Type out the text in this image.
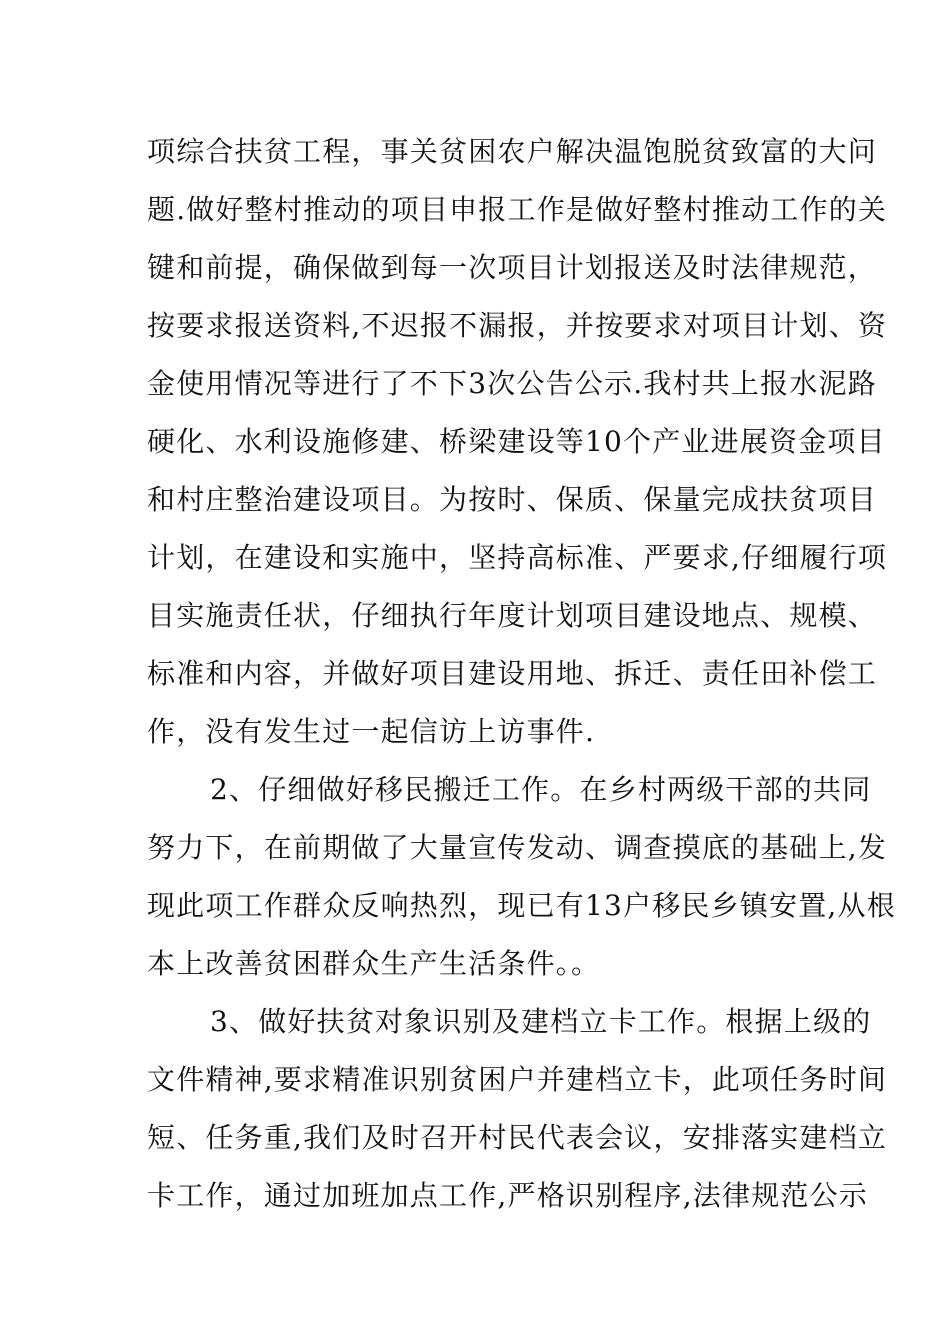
项综合扶贫工程，事关贫困农户解决温饱脱贫致富的大问
题.做好整村推动的项目申报工作是做好整村推动工作的关
键和前提，确保做到每一次项目计划报送及时法律规范，
按要求报送资料,不迟报不漏报，并按要求对项目计划、资
金使用情况等进行了不下3次公告公示.我村共上报水泥路
硬化、水利设施修建、桥梁建设等10个产业进展资金项目
和村庄整治建设项目。为按时、保质、保量完成扶贫项目
计划，在建设和实施中，坚持高标准、严要求,仔细履行项
目实施责任状，仔细执行年度计划项目建设地点、规模、
标准和内容，并做好项目建设用地、拆迁、责任田补偿工
作，没有发生过一起信访上访事件.
2、仔细做好移民搬迁工作。在乡村两级干部的共同
努力下，在前期做了大量宣传发动、调查摸底的基础上,发
现此项工作群众反响热烈，现已有13户移民乡镇安置,从根
本上改善贫困群众生产生活条件。。
3、做好扶贫对象识别及建档立卡工作。根据上级的
文件精神,要求精准识别贫困户并建档立卡，此项任务时间
短、任务重,我们及时召开村民代表会议，安排落实建档立
卡工作，通过加班加点工作,严格识别程序,法律规范公示
